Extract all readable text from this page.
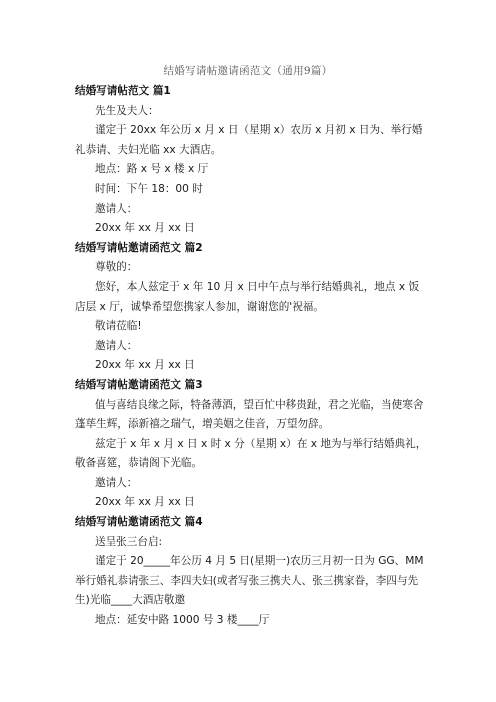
结婚写请帖邀请函范文（通用9篇）
结婚写请帖范文 篇1
先生及夫人：
谨定于 20xx 年公历 x 月 x 日（星期 x）农历 x 月初 x 日为、举行婚礼恭请、夫妇光临 xx 大酒店。
地点：路 x 号 x 楼 x 厅
时间：下午 18：00 时
邀请人：
20xx 年 xx 月 xx 日
结婚写请帖邀请函范文 篇2
尊敬的：
您好，本人兹定于 x 年 10 月 x 日中午点与举行结婚典礼，地点 x 饭店层 x 厅，诚挚希望您携家人参加，谢谢您的'祝福。
敬请莅临!
邀请人：
20xx 年 xx 月 xx 日
结婚写请帖邀请函范文 篇3
值与喜结良缘之际，特备薄酒，望百忙中移贵趾，君之光临，当使寒舍蓬荜生辉，添新禧之瑞气，增美姻之佳音，万望勿辞。
兹定于 x 年 x 月 x 日 x 时 x 分（星期 x）在 x 地为与举行结婚典礼，敬备喜筵，恭请阁下光临。
邀请人：
20xx 年 xx 月 xx 日
结婚写请帖邀请函范文 篇4
送呈张三台启:
谨定于 20_____年公历 4 月 5 日(星期一)农历三月初一日为 GG、MM 举行婚礼恭请张三、李四夫妇(或者写张三携夫人、张三携家眷，李四与先生)光临____大酒店敬邀
地点：延安中路 1000 号 3 楼____厅
